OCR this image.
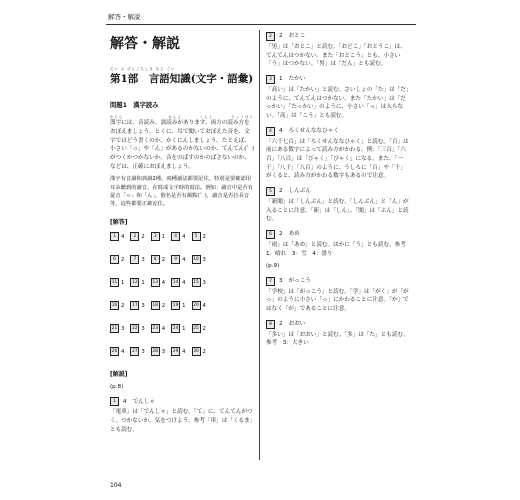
解答・解説
解答・解説
だい ぶ げんごちしき もじ ごい
第1部　言語知識(文字・語彙)
問題1　漢字読み
かんじ　　　　　　　　　　おんよ　　　　くんよ　　　　りょうほう
漢字には、音読み、訓読みがあります。両方の読み方をおぼえましょう。とくに、耳で聞いておぼえた音を、文字ではどう書くのか、かくにんしましょう。たとえば、小さい「っ」や「ん」があるのかないのか、てんてん(゛)がつくかつかないか、音をのばすのかのばさないのか、などは、正確におぼえましょう。
漢字有音讀和訓讀2種。兩種讀法都要記住。特別是要確認用耳朵聽到的讀音，在寫成文字時的寫法。例如：讀音中是否有促音「っ」和「ん」，假名是否有濁點(゛)，讀音是否拉長音等，這些都要正確記住。
[解答]
1 4	2 2	3 1	4 4	5 2
6 2	7 3	8 2	9 4	10 3
11 1	12 1	13 4	14 4	15 3
16 2	17 3	18 2	19 1	20 4
21 3	22 3	23 4	24 1	25 2
26 4	27 3	28 3	29 4	30 2
[解説]
(p.8)
1	4 でんしゃ
「電車」は「でんしゃ」と読む。「て」に、てんてんがつく。つかないか、気をつけよう。参考「車」は「くるま」とも読む。
2	2 おとこ
「男」は「おとこ」と読む。「おどこ」「おとうこ」は、てんてんはつかない。また「おとこう」とも、小さい「う」はつかない。「男」は「だん」とも読む。
3	1 たかい
「高い」は「たかい」と読む。さいしょの「た」は「だ」のように、てんてんはつかない。また「たかい」は「だっかい」「たっかい」のように、小さい「っ」は入らない。「高」は「こう」とも読む。
4	4 ろくせんななひゃく
「六千七百」は「ろくせんななひゃく」と読む。「百」は前にある数字によって読み方がかわる。例：「三百」「六百」「八百」は「びゃく」「ぴゃく」になる。また、「一千」「八千」「八百」のように、うしろに「百」や「千」がくると、読み方がかわる数字もあるので注意。
5	2 しんぶん
「新聞」は「しんぶん」と読む。「しんぶん」と「ん」が入ることに注意。「新」は「しん」、「聞」は「ぶん」と読む。
6	2 あめ
「雨」は「あめ」と読む。ほかに「う」とも読む。参考　1：晴れ　3：雪　4：曇り
(p.9)
7	3 がっこう
「学校」は「がっこう」と読む。「学」は「がく」が「がっ」のように小さい「っ」にかわることに注意。「か」ではなく「が」であることに注意。
8	2 おおい
「多い」は「おおい」と読む。「多」は「た」とも読む。参考　3：大きい
104
